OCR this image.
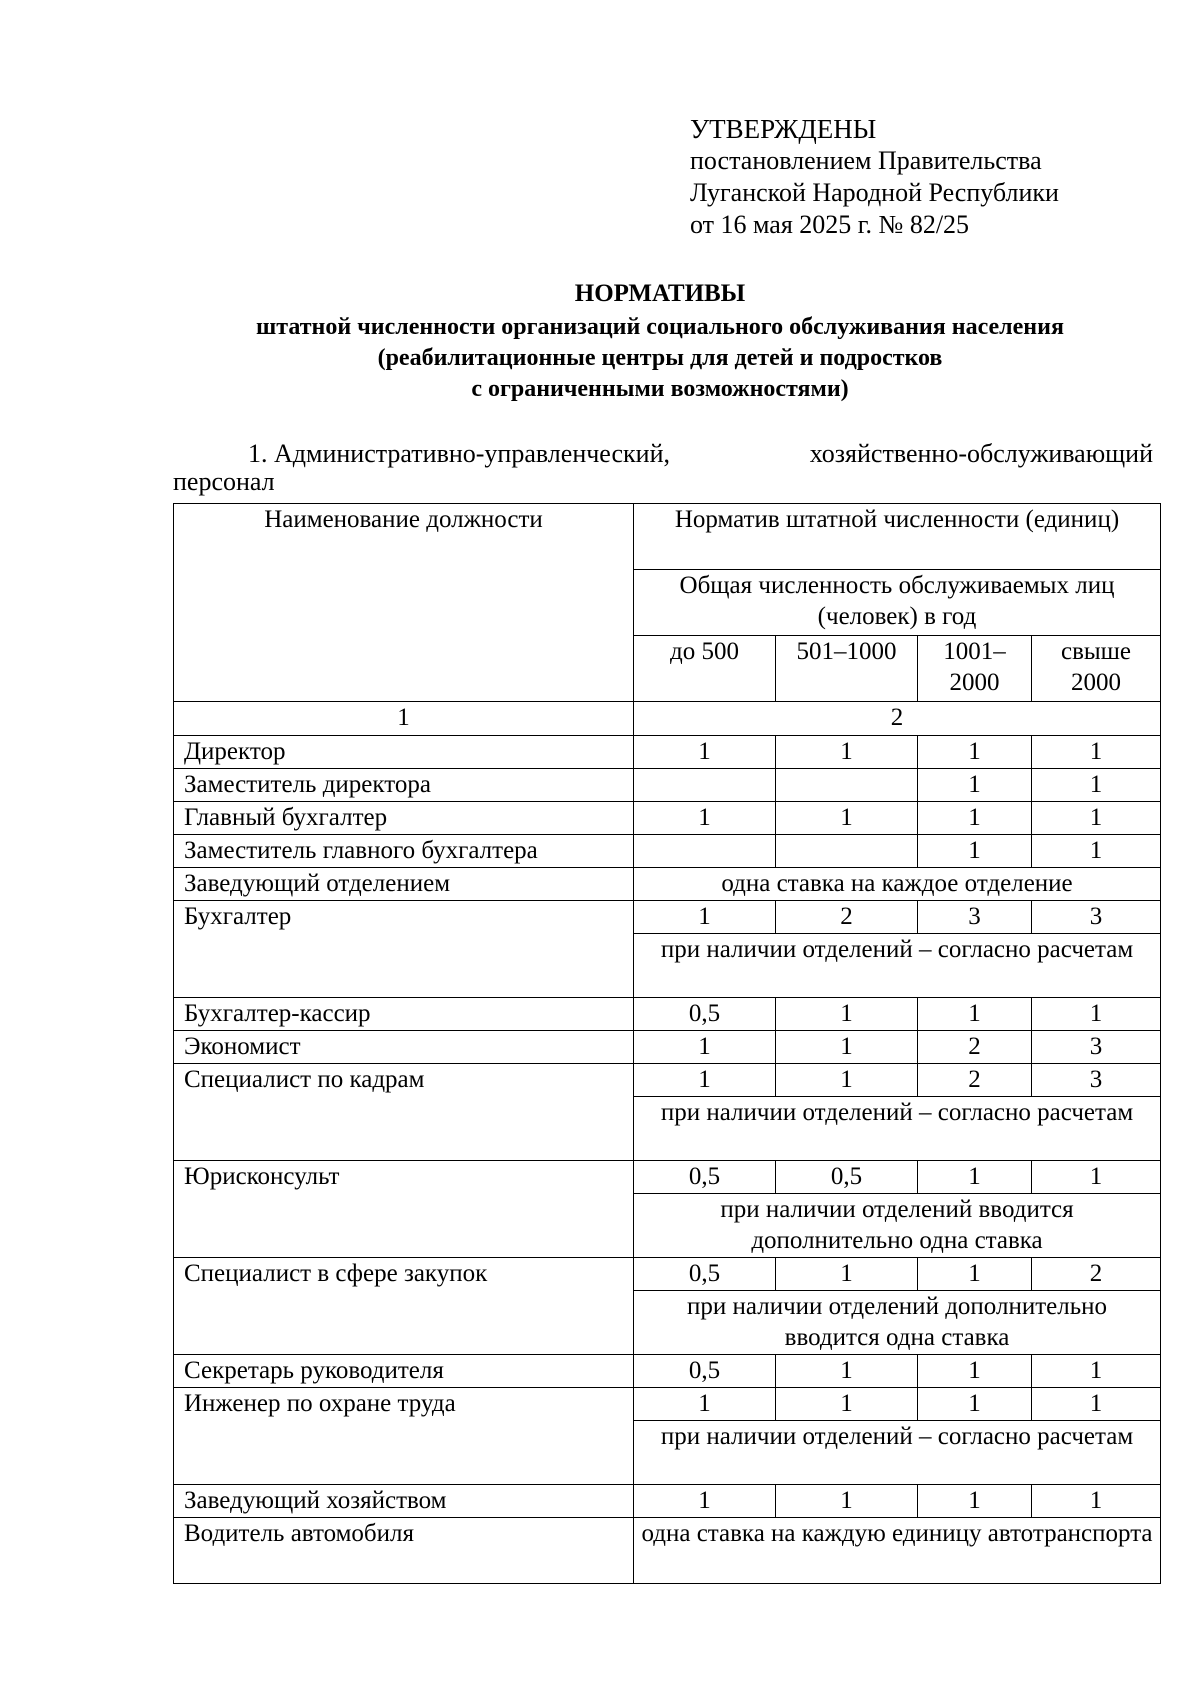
УТВЕРЖДЕНЫ
постановлением Правительства
Луганской Народной Республики
от 16 мая 2025 г. № 82/25
НОРМАТИВЫ
штатной численности организаций социального обслуживания населения
(реабилитационные центры для детей и подростков
с ограниченными возможностями)
1. Административно-управленческий,	хозяйственно-обслуживающий
персонал
Наименование должности	Норматив штатной численности (единиц)			
	Общая численность обслуживаемых лиц (человек) в год			
	до 500	501–1000	1001–2000	свыше 2000
1	2			
Директор	1	1	1	1
Заместитель директора			1	1
Главный бухгалтер	1	1	1	1
Заместитель главного бухгалтера			1	1
Заведующий отделением	одна ставка на каждое отделение			
Бухгалтер	1	2	3	3
	при наличии отделений – согласно расчетам			
Бухгалтер-кассир	0,5	1	1	1
Экономист	1	1	2	3
Специалист по кадрам	1	1	2	3
	при наличии отделений – согласно расчетам			
Юрисконсульт	0,5	0,5	1	1
	при наличии отделений вводится дополнительно одна ставка			
Специалист в сфере закупок	0,5	1	1	2
	при наличии отделений дополнительно вводится одна ставка			
Секретарь руководителя	0,5	1	1	1
Инженер по охране труда	1	1	1	1
	при наличии отделений – согласно расчетам			
Заведующий хозяйством	1	1	1	1
Водитель автомобиля	одна ставка на каждую единицу автотранспорта			
